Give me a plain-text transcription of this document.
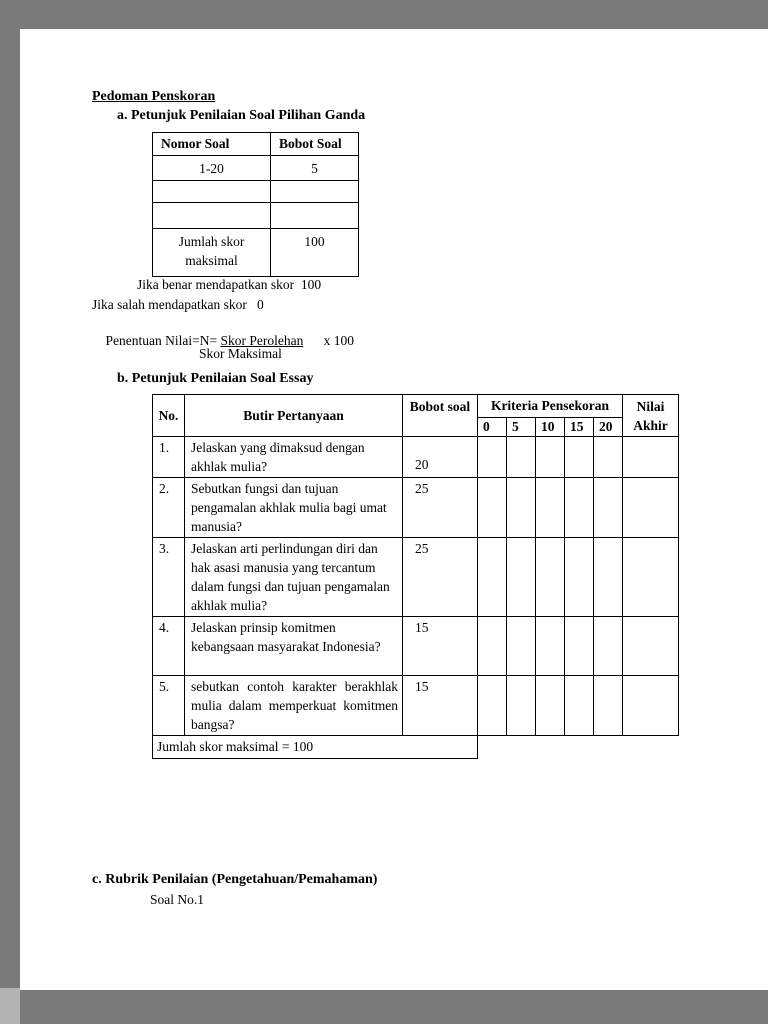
Pedoman Penskoran
a. Petunjuk Penilaian Soal Pilihan Ganda
Nomor Soal	Bobot Soal
1-20	5

Jumlah skor maksimal	100
Jika benar mendapatkan skor  100
Jika salah mendapatkan skor   0

Penentuan Nilai=N= Skor Perolehan      x 100

Skor Maksimal
b. Petunjuk Penilaian Soal Essay
No.	Butir Pertanyaan	Bobot soal	Kriteria Pensekoran					Nilai Akhir
			0	5	10	15	20	
1.	Jelaskan yang dimaksud dengan akhlak mulia?	20						
2.	Sebutkan fungsi dan tujuan pengamalan akhlak mulia bagi umat manusia?	25						
3.	Jelaskan arti perlindungan diri dan hak asasi manusia yang tercantum dalam fungsi dan tujuan pengamalan akhlak mulia?	25						
4.	Jelaskan prinsip komitmen kebangsaan masyarakat Indonesia?	15						
5.	sebutkan contoh karakter berakhlak mulia dalam memperkuat komitmen bangsa?	15						
Jumlah skor maksimal = 100								
c. Rubrik Penilaian (Pengetahuan/Pemahaman)
Soal No.1
